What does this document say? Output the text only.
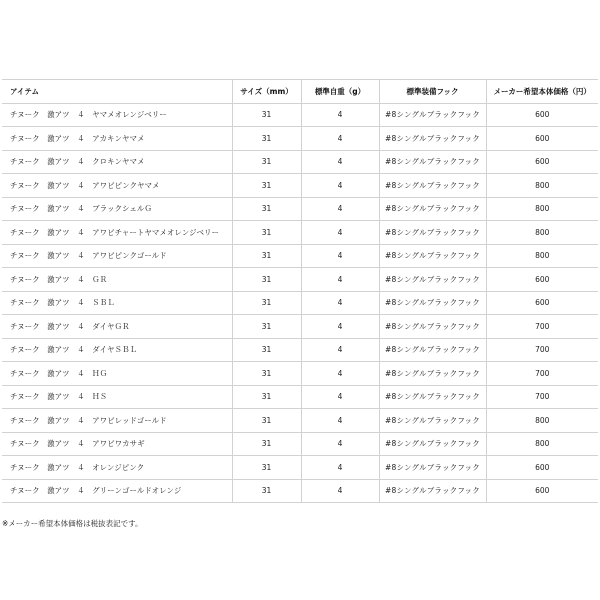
アイテム	サイズ（mm）	標準自重（g）	標準装備フック	メーカー希望本体価格（円）
チヌーク　激アツ　４　ヤマメオレンジベリー	31	4	#8シングルブラックフック	600
チヌーク　激アツ　４　アカキンヤマメ	31	4	#8シングルブラックフック	600
チヌーク　激アツ　４　クロキンヤマメ	31	4	#8シングルブラックフック	600
チヌーク　激アツ　４　アワビピンクヤマメ	31	4	#8シングルブラックフック	800
チヌーク　激アツ　４　ブラックシェルＧ	31	4	#8シングルブラックフック	800
チヌーク　激アツ　４　アワビチャートヤマメオレンジベリー	31	4	#8シングルブラックフック	800
チヌーク　激アツ　４　アワビピンクゴールド	31	4	#8シングルブラックフック	800
チヌーク　激アツ　４　ＧＲ	31	4	#8シングルブラックフック	600
チヌーク　激アツ　４　ＳＢＬ	31	4	#8シングルブラックフック	600
チヌーク　激アツ　４　ダイヤＧＲ	31	4	#8シングルブラックフック	700
チヌーク　激アツ　４　ダイヤＳＢＬ	31	4	#8シングルブラックフック	700
チヌーク　激アツ　４　ＨＧ	31	4	#8シングルブラックフック	700
チヌーク　激アツ　４　ＨＳ	31	4	#8シングルブラックフック	700
チヌーク　激アツ　４　アワビレッドゴールド	31	4	#8シングルブラックフック	800
チヌーク　激アツ　４　アワビワカサギ	31	4	#8シングルブラックフック	800
チヌーク　激アツ　４　オレンジピンク	31	4	#8シングルブラックフック	600
チヌーク　激アツ　４　グリーンゴールドオレンジ	31	4	#8シングルブラックフック	600
※メーカー希望本体価格は税抜表記です。
